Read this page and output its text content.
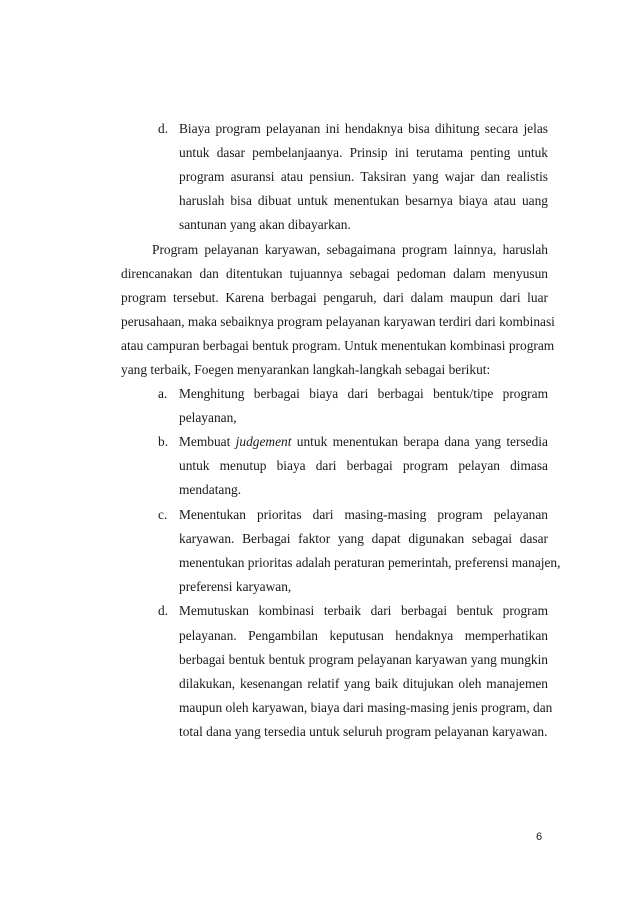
d. Biaya program pelayanan ini hendaknya bisa dihitung secara jelas
untuk dasar pembelanjaanya. Prinsip ini terutama penting untuk
program asuransi atau pensiun. Taksiran yang wajar dan realistis
haruslah bisa dibuat untuk menentukan besarnya biaya atau uang
santunan yang akan dibayarkan.
Program pelayanan karyawan, sebagaimana program lainnya, haruslah
direncanakan dan ditentukan tujuannya sebagai pedoman dalam menyusun
program tersebut. Karena berbagai pengaruh, dari dalam maupun dari luar
perusahaan, maka sebaiknya program pelayanan karyawan terdiri dari kombinasi
atau campuran berbagai bentuk program. Untuk menentukan kombinasi program
yang terbaik, Foegen menyarankan langkah-langkah sebagai berikut:
a. Menghitung berbagai biaya dari berbagai bentuk/tipe program
pelayanan,
b. Membuat judgement untuk menentukan berapa dana yang tersedia
untuk menutup biaya dari berbagai program pelayan dimasa
mendatang.
c. Menentukan prioritas dari masing-masing program pelayanan
karyawan. Berbagai faktor yang dapat digunakan sebagai dasar
menentukan prioritas adalah peraturan pemerintah, preferensi manajen,
preferensi karyawan,
d. Memutuskan kombinasi terbaik dari berbagai bentuk program
pelayanan. Pengambilan keputusan hendaknya memperhatikan
berbagai bentuk bentuk program pelayanan karyawan yang mungkin
dilakukan, kesenangan relatif yang baik ditujukan oleh manajemen
maupun oleh karyawan, biaya dari masing-masing jenis program, dan
total dana yang tersedia untuk seluruh program pelayanan karyawan.
6
